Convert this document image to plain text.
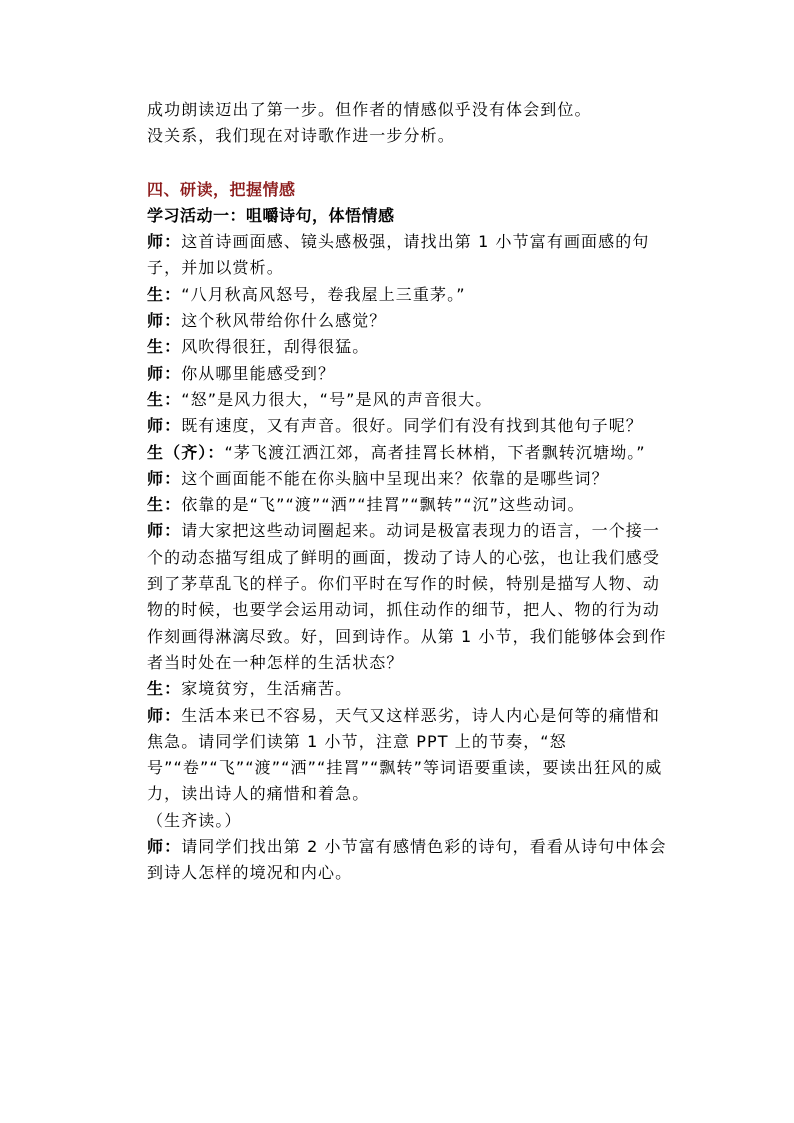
成功朗读迈出了第一步。但作者的情感似乎没有体会到位。
没关系，我们现在对诗歌作进一步分析。

四、研读，把握情感
学习活动一：咀嚼诗句，体悟情感

师：这首诗画面感、镜头感极强，请找出第 1 小节富有画面感的句子，并加以赏析。

生：“八月秋高风怒号，卷我屋上三重茅。”

师：这个秋风带给你什么感觉？

生：风吹得很狂，刮得很猛。

师：你从哪里能感受到？

生：“怒”是风力很大，“号”是风的声音很大。

师：既有速度，又有声音。很好。同学们有没有找到其他句子呢？

生（齐）：“茅飞渡江洒江郊，高者挂罥长林梢，下者飘转沉塘坳。”

师：这个画面能不能在你头脑中呈现出来？依靠的是哪些词？

生：依靠的是“飞”“渡”“洒”“挂罥”“飘转”“沉”这些动词。

师：请大家把这些动词圈起来。动词是极富表现力的语言，一个接一个的动态描写组成了鲜明的画面，拨动了诗人的心弦，也让我们感受到了茅草乱飞的样子。你们平时在写作的时候，特别是描写人物、动物的时候，也要学会运用动词，抓住动作的细节，把人、物的行为动作刻画得淋漓尽致。好，回到诗作。从第 1 小节，我们能够体会到作者当时处在一种怎样的生活状态？

生：家境贫穷，生活痛苦。

师：生活本来已不容易，天气又这样恶劣，诗人内心是何等的痛惜和焦急。请同学们读第 1 小节，注意 PPT 上的节奏，“怒号”“卷”“飞”“渡”“洒”“挂罥”“飘转”等词语要重读，要读出狂风的威力，读出诗人的痛惜和着急。

（生齐读。）

师：请同学们找出第 2 小节富有感情色彩的诗句，看看从诗句中体会到诗人怎样的境况和内心。
